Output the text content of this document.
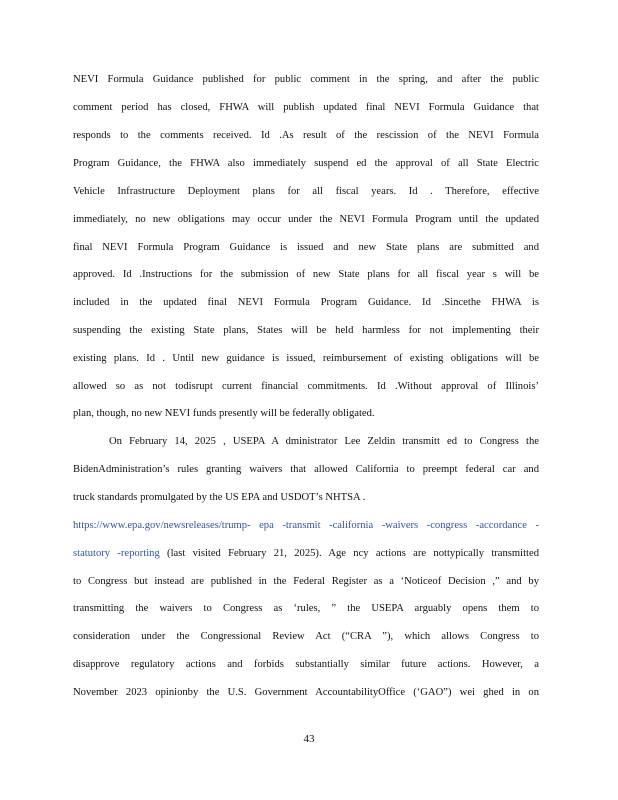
NEVI Formula Guidance published for public comment in the spring, and after the public
comment period has closed, FHWA will publish updated final NEVI Formula Guidance that
responds to the comments received. Id .As result of the rescission of the NEVI Formula
Program Guidance, the FHWA also immediately suspend ed the approval of all State Electric
Vehicle Infrastructure Deployment plans for all fiscal years. Id . Therefore, effective
immediately, no new obligations may occur under the NEVI Formula Program until the updated
final NEVI Formula Program Guidance is issued and new State plans are submitted and
approved. Id .Instructions for the submission of new State plans for all fiscal year s will be
included in the updated final NEVI Formula Program Guidance. Id .Sincethe FHWA is
suspending the existing State plans, States will be held harmless for not implementing their
existing plans. Id . Until new guidance is issued, reimbursement of existing obligations will be
allowed so as not todisrupt current financial commitments. Id .Without approval of Illinois’
plan, though, no new NEVI funds presently will be federally obligated.
On February 14, 2025 , USEPA A dministrator Lee Zeldin transmitt ed to Congress the
BidenAdministration’s rules granting waivers that allowed California to preempt federal car and
truck standards promulgated by the US EPA and USDOT’s NHTSA .
https://www.epa.gov/newsreleases/trump- epa -transmit -california -waivers -congress -accordance -
statutory -reporting (last visited February 21, 2025). Age ncy actions are nottypically transmitted
to Congress but instead are published in the Federal Register as a ‘Noticeof Decision ,” and by
transmitting the waivers to Congress as ‘rules, ” the USEPA arguably opens them to
consideration under the Congressional Review Act (“CRA ”), which allows Congress to
disapprove regulatory actions and forbids substantially similar future actions. However, a
November 2023 opinionby the U.S. Government AccountabilityOffice (‘GAO”) wei ghed in on
43
